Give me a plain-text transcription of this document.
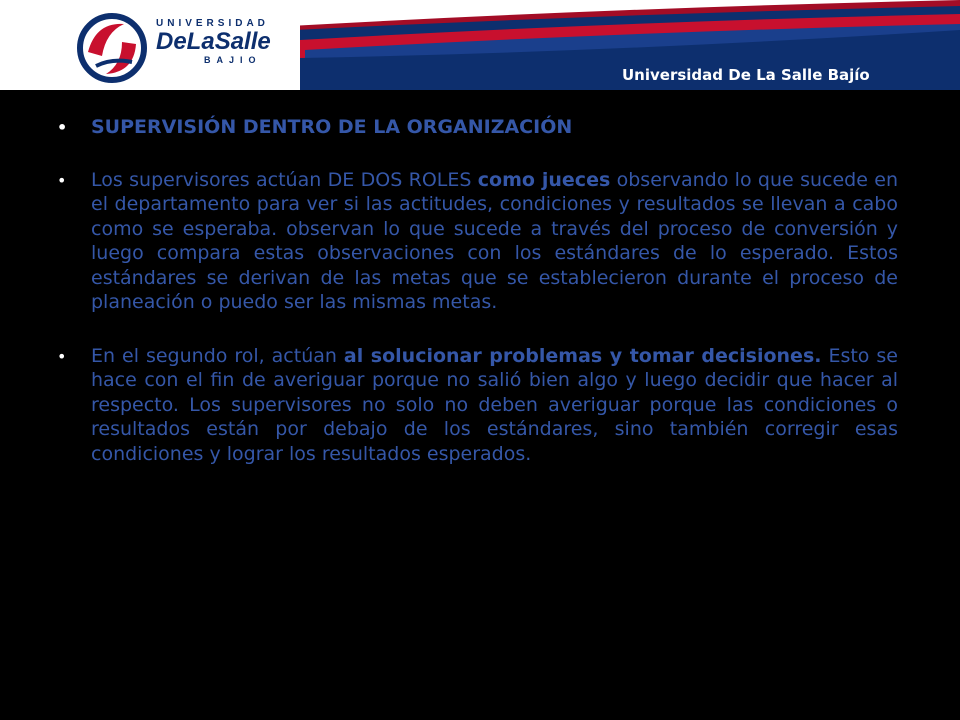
UNIVERSIDAD
DeLaSalle
BAJIO
Universidad De La Salle Bajío
• SUPERVISIÓN DENTRO DE LA ORGANIZACIÓN
• Los supervisores actúan DE DOS ROLES como jueces observando lo que sucede en el departamento para ver si las actitudes, condiciones y resultados se llevan a cabo como se esperaba. observan lo que sucede a través del proceso de conversión y luego compara estas observaciones con los estándares de lo esperado. Estos estándares se derivan de las metas que se establecieron durante el proceso de planeación o puedo ser las mismas metas.
• En el segundo rol, actúan al solucionar problemas y tomar decisiones. Esto se hace con el fin de averiguar porque no salió bien algo y luego decidir que hacer al respecto. Los supervisores no solo no deben averiguar porque las condiciones o resultados están por debajo de los estándares, sino también corregir esas condiciones y lograr los resultados esperados.
